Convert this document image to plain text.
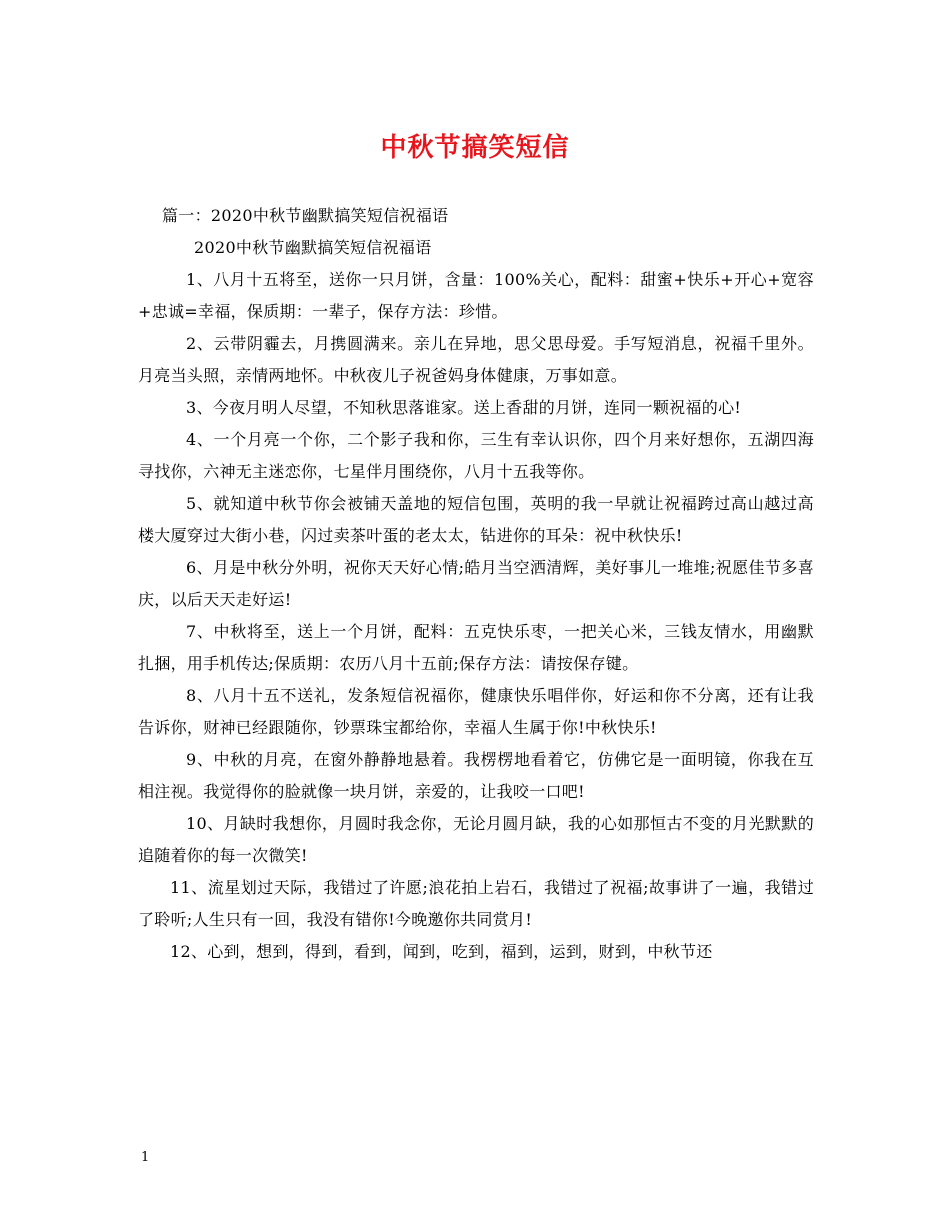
中秋节搞笑短信

篇一：2020中秋节幽默搞笑短信祝福语

2020中秋节幽默搞笑短信祝福语

1、八月十五将至，送你一只月饼，含量：100%关心，配料：甜蜜+快乐+开心+宽容+忠诚=幸福，保质期：一辈子，保存方法：珍惜。

2、云带阴霾去，月携圆满来。亲儿在异地，思父思母爱。手写短消息，祝福千里外。月亮当头照，亲情两地怀。中秋夜儿子祝爸妈身体健康，万事如意。

3、今夜月明人尽望，不知秋思落谁家。送上香甜的月饼，连同一颗祝福的心!

4、一个月亮一个你，二个影子我和你，三生有幸认识你，四个月来好想你，五湖四海寻找你，六神无主迷恋你，七星伴月围绕你，八月十五我等你。

5、就知道中秋节你会被铺天盖地的短信包围，英明的我一早就让祝福跨过高山越过高楼大厦穿过大街小巷，闪过卖茶叶蛋的老太太，钻进你的耳朵：祝中秋快乐!

6、月是中秋分外明，祝你天天好心情;皓月当空洒清辉，美好事儿一堆堆;祝愿佳节多喜庆，以后天天走好运!

7、中秋将至，送上一个月饼，配料：五克快乐枣，一把关心米，三钱友情水，用幽默扎捆，用手机传达;保质期：农历八月十五前;保存方法：请按保存键。

8、八月十五不送礼，发条短信祝福你，健康快乐唱伴你，好运和你不分离，还有让我告诉你，财神已经跟随你，钞票珠宝都给你，幸福人生属于你!中秋快乐!

9、中秋的月亮，在窗外静静地悬着。我楞楞地看着它，仿佛它是一面明镜，你我在互相注视。我觉得你的脸就像一块月饼，亲爱的，让我咬一口吧!

10、月缺时我想你，月圆时我念你，无论月圆月缺，我的心如那恒古不变的月光默默的追随着你的每一次微笑!

11、流星划过天际，我错过了许愿;浪花拍上岩石，我错过了祝福;故事讲了一遍，我错过了聆听;人生只有一回，我没有错你!今晚邀你共同赏月!

12、心到，想到，得到，看到，闻到，吃到，福到，运到，财到，中秋节还

1
